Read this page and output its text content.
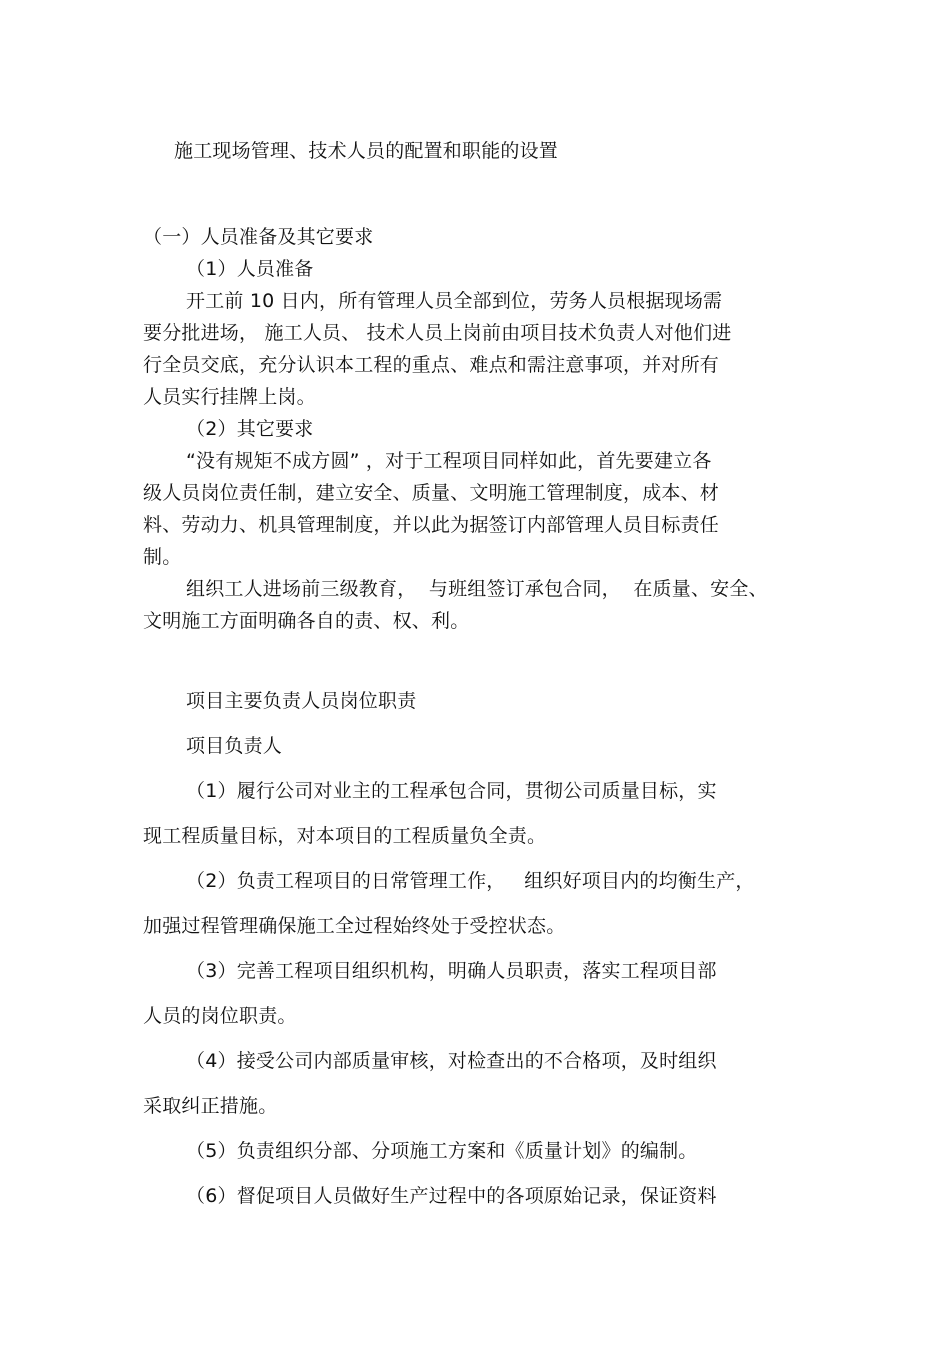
施工现场管理、技术人员的配置和职能的设置
（一）人员准备及其它要求
（1）人员准备
开工前 10 日内，所有管理人员全部到位，劳务人员根据现场需
要分批进场， 施工人员、 技术人员上岗前由项目技术负责人对他们进
行全员交底，充分认识本工程的重点、难点和需注意事项，并对所有
人员实行挂牌上岗。
（2）其它要求
“没有规矩不成方圆” ，对于工程项目同样如此，首先要建立各
级人员岗位责任制，建立安全、质量、文明施工管理制度，成本、材
料、劳动力、机具管理制度，并以此为据签订内部管理人员目标责任
制。
组织工人进场前三级教育，  与班组签订承包合同，  在质量、安全、
文明施工方面明确各自的责、权、利。
项目主要负责人员岗位职责
项目负责人
（1）履行公司对业主的工程承包合同，贯彻公司质量目标，实
现工程质量目标，对本项目的工程质量负全责。
（2）负责工程项目的日常管理工作，   组织好项目内的均衡生产，
加强过程管理确保施工全过程始终处于受控状态。
（3）完善工程项目组织机构，明确人员职责，落实工程项目部
人员的岗位职责。
（4）接受公司内部质量审核，对检查出的不合格项，及时组织
采取纠正措施。
（5）负责组织分部、分项施工方案和《质量计划》的编制。
（6）督促项目人员做好生产过程中的各项原始记录，保证资料
